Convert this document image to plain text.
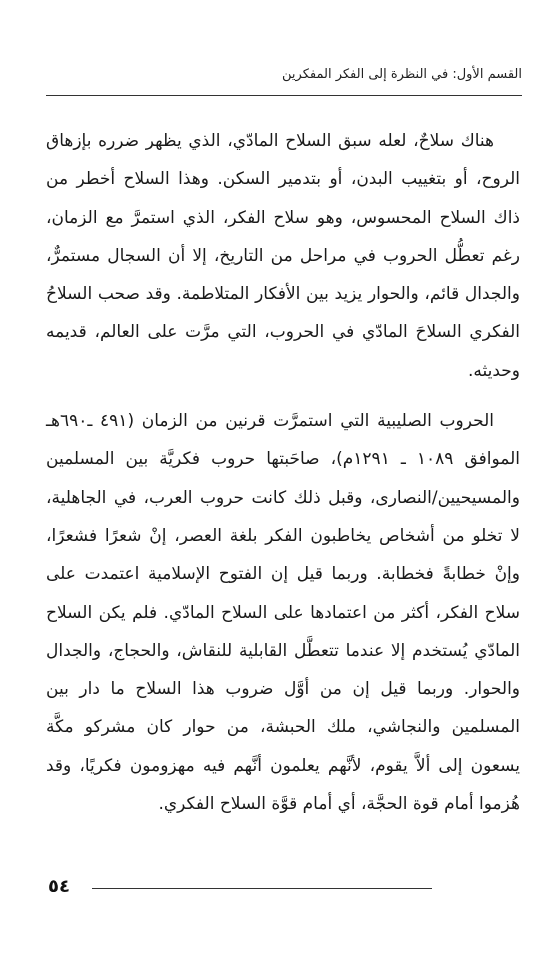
القسم الأول: في النظرة إلى الفكر المفكرين

هناك سلاحٌ، لعله سبق السلاح المادّي، الذي يظهر ضرره بإزهاق الروح، أو بتغييب البدن، أو بتدمير السكن. وهذا السلاح أخطر من ذاك السلاح المحسوس، وهو سلاح الفكر، الذي استمرَّ مع الزمان، رغم تعطُّل الحروب في مراحل من التاريخ، إلا أن السجال مستمرٌّ، والجدال قائم، والحوار يزيد بين الأفكار المتلاطمة. وقد صحب السلاحُ الفكري السلاحَ المادّي في الحروب، التي مرَّت على العالم، قديمه وحديثه.

الحروب الصليبية التي استمرَّت قرنين من الزمان (٤٩١ ـ٦٩٠هـ الموافق ١٠٨٩ ـ ١٢٩١م)، صاحَبتها حروب فكريَّة بين المسلمين والمسيحيين/النصارى، وقبل ذلك كانت حروب العرب، في الجاهلية، لا تخلو من أشخاص يخاطبون الفكر بلغة العصر، إنْ شعرًا فشعرًا، وإنْ خطابةً فخطابة. وربما قيل إن الفتوح الإسلامية اعتمدت على سلاح الفكر، أكثر من اعتمادها على السلاح المادّي. فلم يكن السلاح المادّي يُستخدم إلا عندما تتعطَّل القابلية للنقاش، والحجاج، والجدال والحوار. وربما قيل إن من أوَّل ضروب هذا السلاح ما دار بين المسلمين والنجاشي، ملك الحبشة، من حوار كان مشركو مكَّة يسعون إلى ألاَّ يقوم، لأنَّهم يعلمون أنَّهم فيه مهزومون فكريًا، وقد هُزموا أمام قوة الحجَّة، أي أمام قوَّة السلاح الفكري.

٥٤
